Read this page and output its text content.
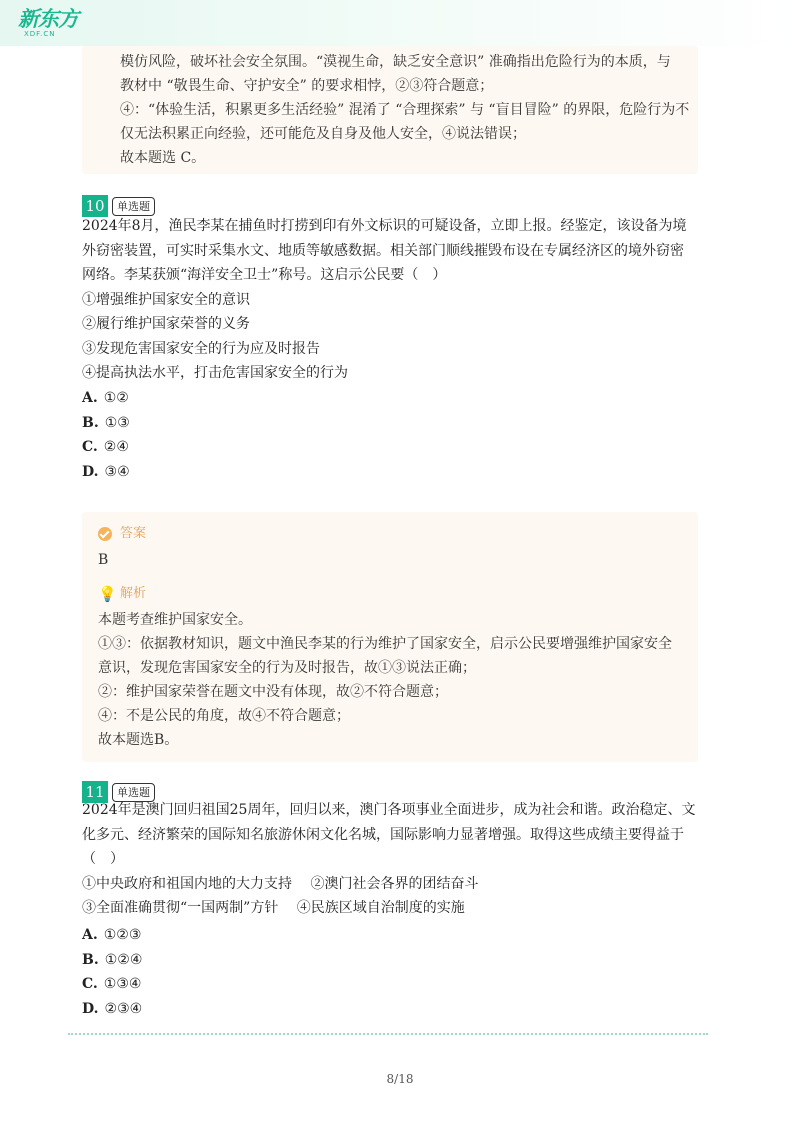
新东方
XDF.CN

模仿风险，破坏社会安全氛围。“漠视生命，缺乏安全意识” 准确指出危险行为的本质，与

教材中 “敬畏生命、守护安全” 的要求相悖，②③符合题意；

④：“体验生活，积累更多生活经验” 混淆了 “合理探索” 与 “盲目冒险” 的界限，危险行为不

仅无法积累正向经验，还可能危及自身及他人安全，④说法错误；

故本题选 C。

10	单选题

2024年8月，渔民李某在捕鱼时打捞到印有外文标识的可疑设备，立即上报。经鉴定，该设备为境

外窃密装置，可实时采集水文、地质等敏感数据。相关部门顺线摧毁布设在专属经济区的境外窃密

网络。李某获颁“海洋安全卫士”称号。这启示公民要（　）

①增强维护国家安全的意识

②履行维护国家荣誉的义务

③发现危害国家安全的行为应及时报告

④提高执法水平，打击危害国家安全的行为

A. ①②
B. ①③
C. ②④
D. ③④
答案

B

💡 解析

本题考查维护国家安全。

①③：依据教材知识，题文中渔民李某的行为维护了国家安全，启示公民要增强维护国家安全

意识，发现危害国家安全的行为及时报告，故①③说法正确；

②：维护国家荣誉在题文中没有体现，故②不符合题意；

④：不是公民的角度，故④不符合题意；

故本题选B。

11	单选题

2024年是澳门回归祖国25周年，回归以来，澳门各项事业全面进步，成为社会和谐。政治稳定、文

化多元、经济繁荣的国际知名旅游休闲文化名城，国际影响力显著增强。取得这些成绩主要得益于

（　）

①中央政府和祖国内地的大力支持　 ②澳门社会各界的团结奋斗

③全面准确贯彻“一国两制”方针　 ④民族区域自治制度的实施

A. ①②③
B. ①②④
C. ①③④
D. ②③④
8/18
